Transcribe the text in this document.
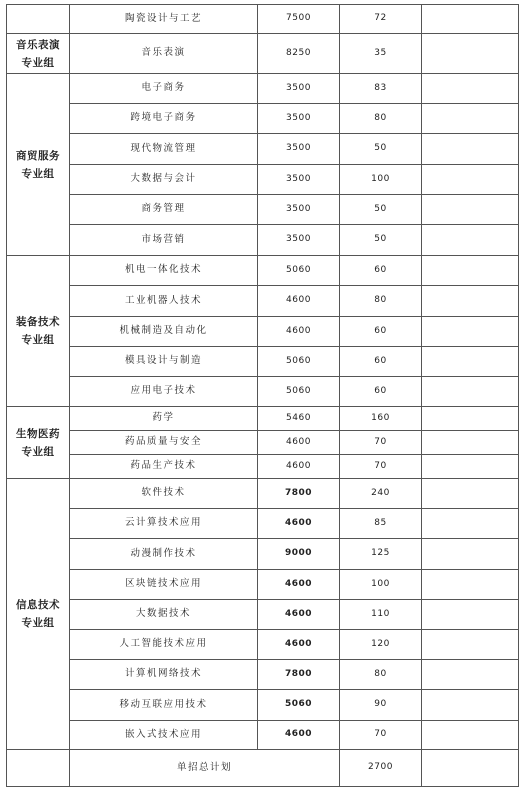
	陶瓷设计与工艺	7500	72	

音乐表演
专业组	音乐表演	8250	35	

商贸服务
专业组	电子商务	3500	83	
	跨境电子商务	3500	80	
	现代物流管理	3500	50	
	大数据与会计	3500	100	
	商务管理	3500	50	
	市场营销	3500	50	

装备技术
专业组	机电一体化技术	5060	60	
	工业机器人技术	4600	80	
	机械制造及自动化	4600	60	
	模具设计与制造	5060	60	
	应用电子技术	5060	60	

生物医药
专业组	药学	5460	160	
	药品质量与安全	4600	70	
	药品生产技术	4600	70	

信息技术
专业组	软件技术	7800	240	
	云计算技术应用	4600	85	
	动漫制作技术	9000	125	
	区块链技术应用	4600	100	
	大数据技术	4600	110	
	人工智能技术应用	4600	120	
	计算机网络技术	7800	80	
	移动互联应用技术	5060	90	
	嵌入式技术应用	4600	70	
	单招总计划		2700	
